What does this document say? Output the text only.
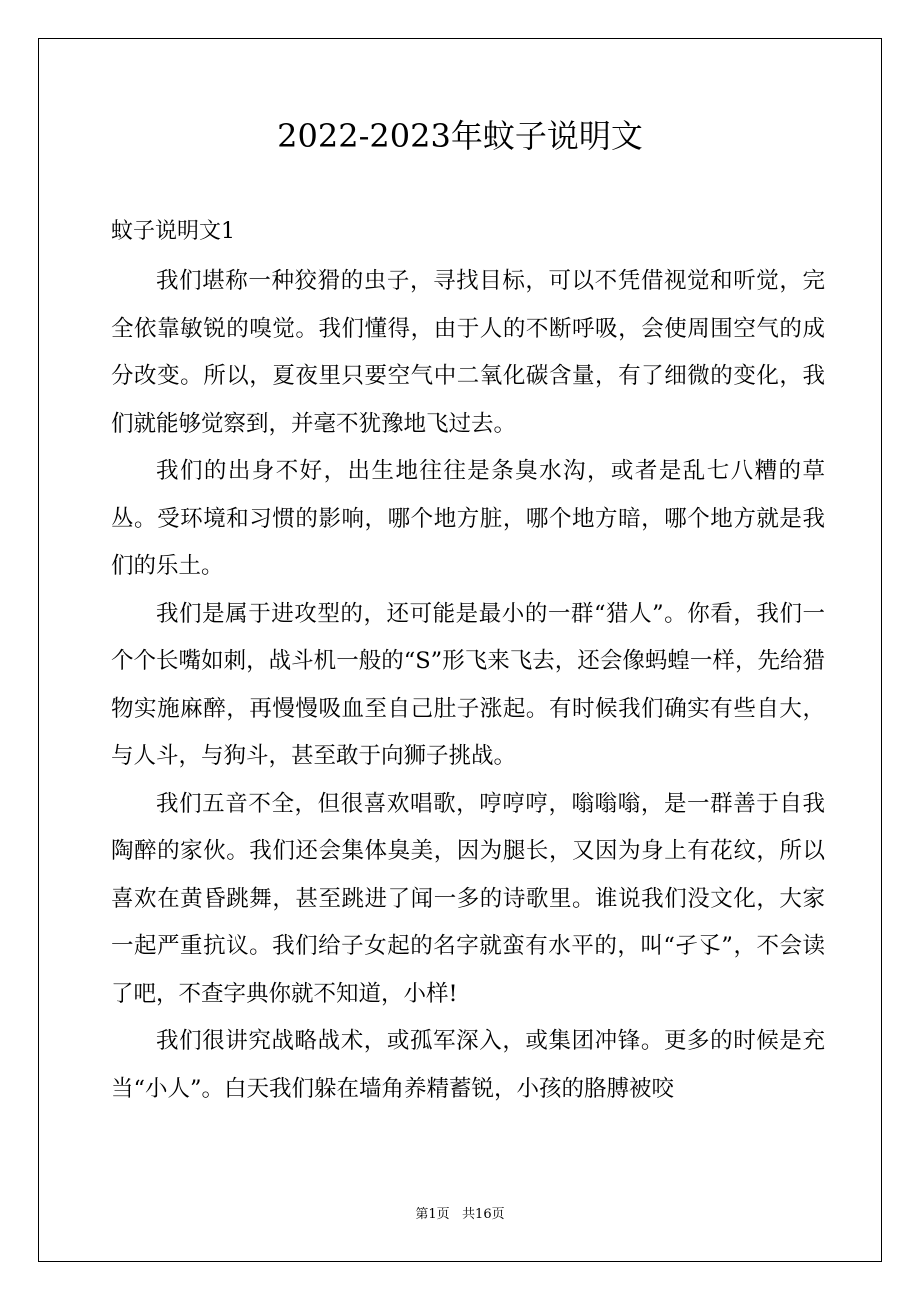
2022-2023年蚊子说明文

蚊子说明文1

我们堪称一种狡猾的虫子，寻找目标，可以不凭借视觉和听觉，完全依靠敏锐的嗅觉。我们懂得，由于人的不断呼吸，会使周围空气的成分改变。所以，夏夜里只要空气中二氧化碳含量，有了细微的变化，我们就能够觉察到，并毫不犹豫地飞过去。

我们的出身不好，出生地往往是条臭水沟，或者是乱七八糟的草丛。受环境和习惯的影响，哪个地方脏，哪个地方暗，哪个地方就是我们的乐土。

我们是属于进攻型的，还可能是最小的一群“猎人”。你看，我们一个个长嘴如刺，战斗机一般的“S”形飞来飞去，还会像蚂蝗一样，先给猎物实施麻醉，再慢慢吸血至自己肚子涨起。有时候我们确实有些自大，与人斗，与狗斗，甚至敢于向狮子挑战。

我们五音不全，但很喜欢唱歌，哼哼哼，嗡嗡嗡，是一群善于自我陶醉的家伙。我们还会集体臭美，因为腿长，又因为身上有花纹，所以喜欢在黄昏跳舞，甚至跳进了闻一多的诗歌里。谁说我们没文化，大家一起严重抗议。我们给子女起的名字就蛮有水平的，叫“孑孓”，不会读了吧，不查字典你就不知道，小样!

我们很讲究战略战术，或孤军深入，或集团冲锋。更多的时候是充当“小人”。白天我们躲在墙角养精蓄锐，小孩的胳膊被咬

第1页   共16页
